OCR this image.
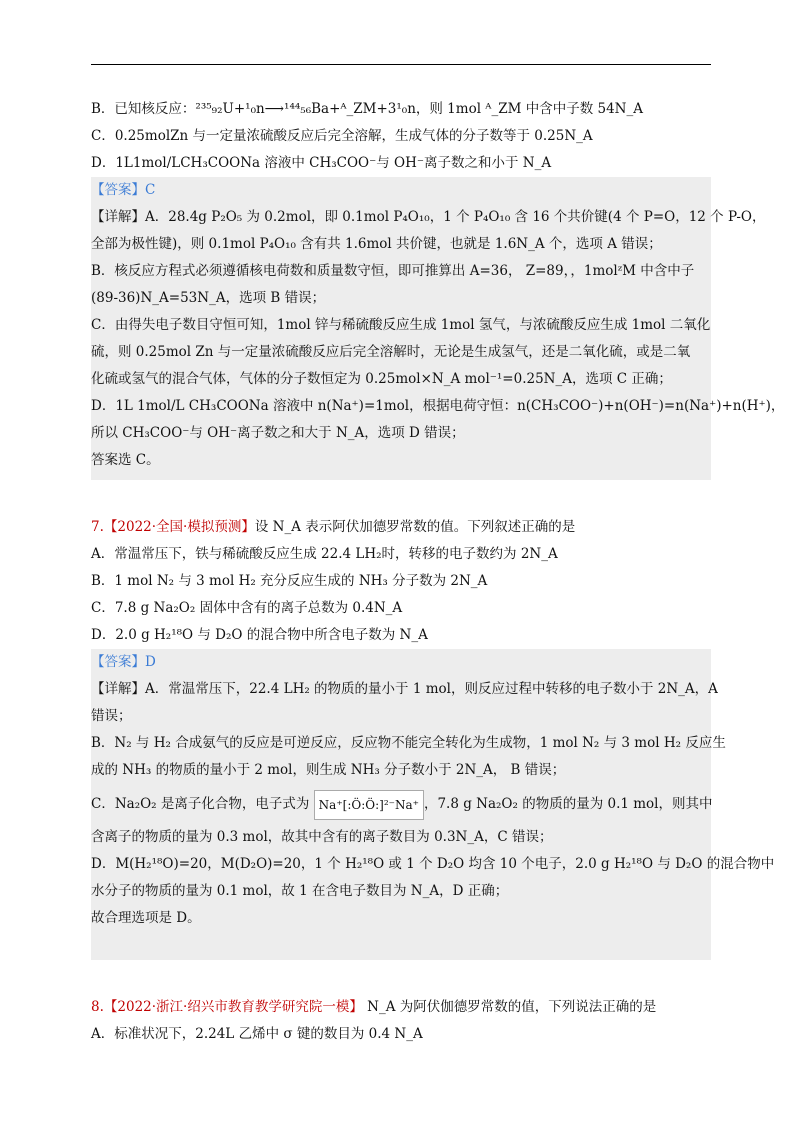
B．已知核反应：²³⁵₉₂U+¹₀n⟶¹⁴⁴₅₆Ba+ᴬ_ZM+3¹₀n，则 1mol ᴬ_ZM 中含中子数 54N_A
C．0.25molZn 与一定量浓硫酸反应后完全溶解，生成气体的分子数等于 0.25N_A
D．1L1mol/LCH₃COONa 溶液中 CH₃COO⁻与 OH⁻离子数之和小于 N_A
【答案】C
【详解】A．28.4g P₂O₅ 为 0.2mol，即 0.1mol P₄O₁₀，1 个 P₄O₁₀ 含 16 个共价键(4 个 P=O，12 个 P-O，
全部为极性键)，则 0.1mol P₄O₁₀ 含有共 1.6mol 共价键，也就是 1.6N_A 个，选项 A 错误；
B．核反应方程式必须遵循核电荷数和质量数守恒，即可推算出 A=36， Z=89，，1molᶻM 中含中子
(89-36)N_A=53N_A，选项 B 错误；
C．由得失电子数目守恒可知，1mol 锌与稀硫酸反应生成 1mol 氢气，与浓硫酸反应生成 1mol 二氧化
硫，则 0.25mol Zn 与一定量浓硫酸反应后完全溶解时，无论是生成氢气，还是二氧化硫，或是二氧
化硫或氢气的混合气体，气体的分子数恒定为 0.25mol×N_A mol⁻¹=0.25N_A，选项 C 正确；
D．1L 1mol/L CH₃COONa 溶液中 n(Na⁺)=1mol，根据电荷守恒：n(CH₃COO⁻)+n(OH⁻)=n(Na⁺)+n(H⁺)，
所以 CH₃COO⁻与 OH⁻离子数之和大于 N_A，选项 D 错误；
答案选 C。
7.【2022·全国·模拟预测】设 N_A 表示阿伏加德罗常数的值。下列叙述正确的是
A．常温常压下，铁与稀硫酸反应生成 22.4 LH₂时，转移的电子数约为 2N_A
B．1 mol N₂ 与 3 mol H₂ 充分反应生成的 NH₃ 分子数为 2N_A
C．7.8 g Na₂O₂ 固体中含有的离子总数为 0.4N_A
D．2.0 g H₂¹⁸O 与 D₂O 的混合物中所含电子数为 N_A
【答案】D
【详解】A．常温常压下，22.4 LH₂ 的物质的量小于 1 mol，则反应过程中转移的电子数小于 2N_A，A
错误；
B．N₂ 与 H₂ 合成氨气的反应是可逆反应，反应物不能完全转化为生成物，1 mol N₂ 与 3 mol H₂ 反应生
成的 NH₃ 的物质的量小于 2 mol，则生成 NH₃ 分子数小于 2N_A， B 错误；
C．Na₂O₂ 是离子化合物，电子式为 Na⁺[:Ö:Ö:]²⁻Na⁺ ，7.8 g Na₂O₂ 的物质的量为 0.1 mol，则其中
含离子的物质的量为 0.3 mol，故其中含有的离子数目为 0.3N_A，C 错误；
D．M(H₂¹⁸O)=20，M(D₂O)=20，1 个 H₂¹⁸O 或 1 个 D₂O 均含 10 个电子，2.0 g H₂¹⁸O 与 D₂O 的混合物中
水分子的物质的量为 0.1 mol，故 1 在含电子数目为 N_A，D 正确；
故合理选项是 D。
8.【2022·浙江·绍兴市教育教学研究院一模】 N_A 为阿伏伽德罗常数的值，下列说法正确的是
A．标准状况下，2.24L 乙烯中 σ 键的数目为 0.4 N_A
